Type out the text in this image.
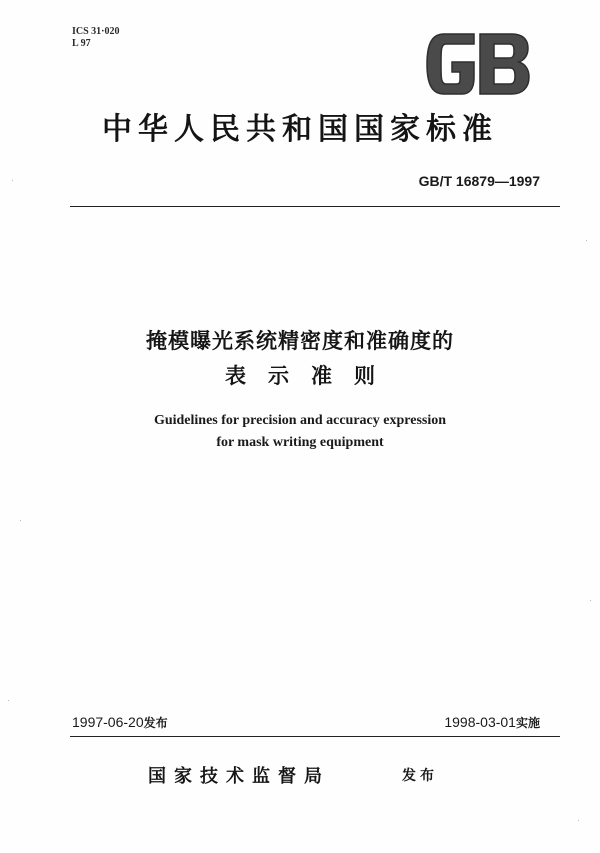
ICS 31·020
L 97
中华人民共和国国家标准
GB/T 16879—1997
掩模曝光系统精密度和准确度的
表示准则
Guidelines for precision and accuracy expression
for mask writing equipment
1997-06-20发布	1998-03-01实施
国家技术监督局	发布
